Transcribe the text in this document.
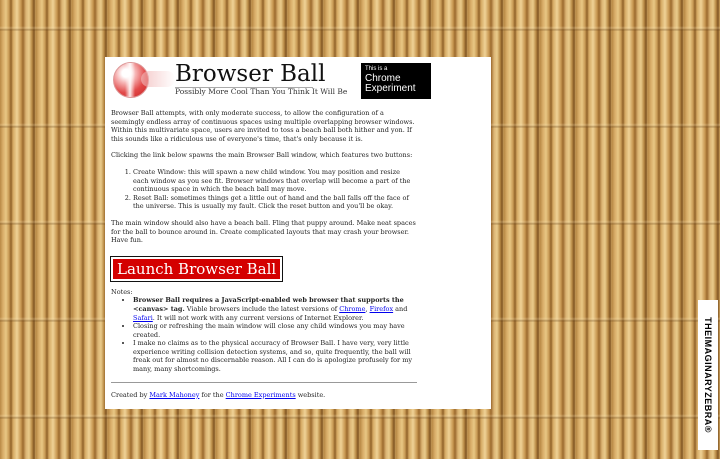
Browser Ball
Possibly More Cool Than You Think It Will Be
This is a
Chrome
Experiment

Browser Ball attempts, with only moderate success, to allow the configuration of a seemingly endless array of continuous spaces using multiple overlapping browser windows. Within this multivariate space, users are invited to toss a beach ball both hither and yon. If this sounds like a ridiculous use of everyone's time, that's only because it is.

Clicking the link below spawns the main Browser Ball window, which features two buttons:

1. Create Window: this will spawn a new child window. You may position and resize each window as you see fit. Browser windows that overlap will become a part of the continuous space in which the beach ball may move.
2. Reset Ball: sometimes things get a little out of hand and the ball falls off the face of the universe. This is usually my fault. Click the reset button and you'll be okay.

The main window should also have a beach ball. Fling that puppy around. Make neat spaces for the ball to bounce around in. Create complicated layouts that may crash your browser. Have fun.

Launch Browser Ball
Notes:
• Browser Ball requires a JavaScript-enabled web browser that supports the <canvas> tag. Viable browsers include the latest versions of Chrome, Firefox and Safari. It will not work with any current versions of Internet Explorer.
• Closing or refreshing the main window will close any child windows you may have created.
• I make no claims as to the physical accuracy of Browser Ball. I have very, very little experience writing collision detection systems, and so, quite frequently, the ball will freak out for almost no discernable reason. All I can do is apologize profusely for my many, many shortcomings.
Created by Mark Mahoney for the Chrome Experiments website.	THEIMAGINARYZEBRA®
